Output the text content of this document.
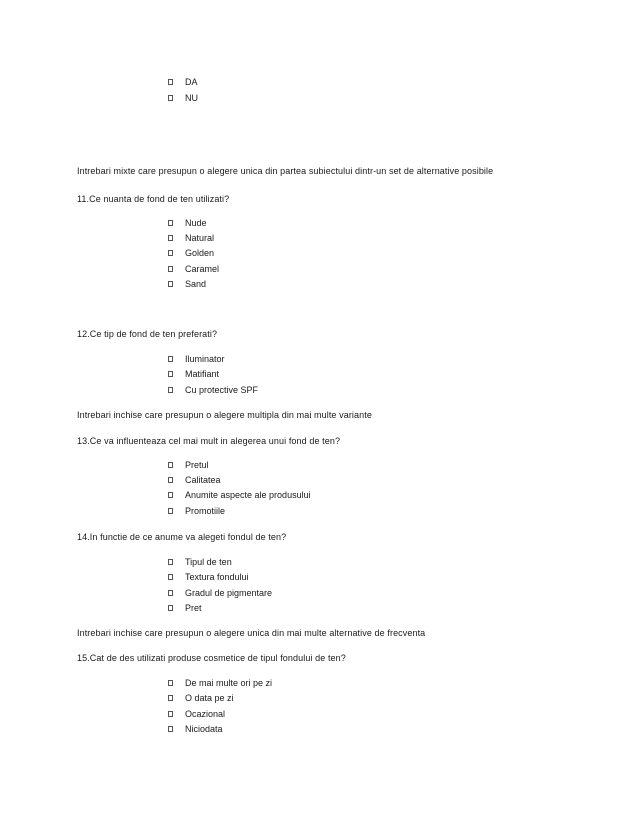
DA
NU
Intrebari mixte care presupun o alegere unica din partea subiectului dintr-un set de alternative posibile
11.Ce nuanta de fond de ten utilizati?
Nude
Natural
Golden
Caramel
Sand
12.Ce tip de fond de ten preferati?
Iluminator
Matifiant
Cu protective SPF
Intrebari inchise care presupun o alegere multipla din mai multe variante
13.Ce va influenteaza cel mai mult in alegerea unui fond de ten?
Pretul
Calitatea
Anumite aspecte ale produsului
Promotiile
14.In functie de ce anume va alegeti fondul de ten?
Tipul de ten
Textura fondului
Gradul de pigmentare
Pret
Intrebari inchise care presupun o alegere unica din mai multe alternative de frecventa
15.Cat de des utilizati produse cosmetice de tipul fondului de ten?
De mai multe ori pe zi
O data pe zi
Ocazional
Niciodata
